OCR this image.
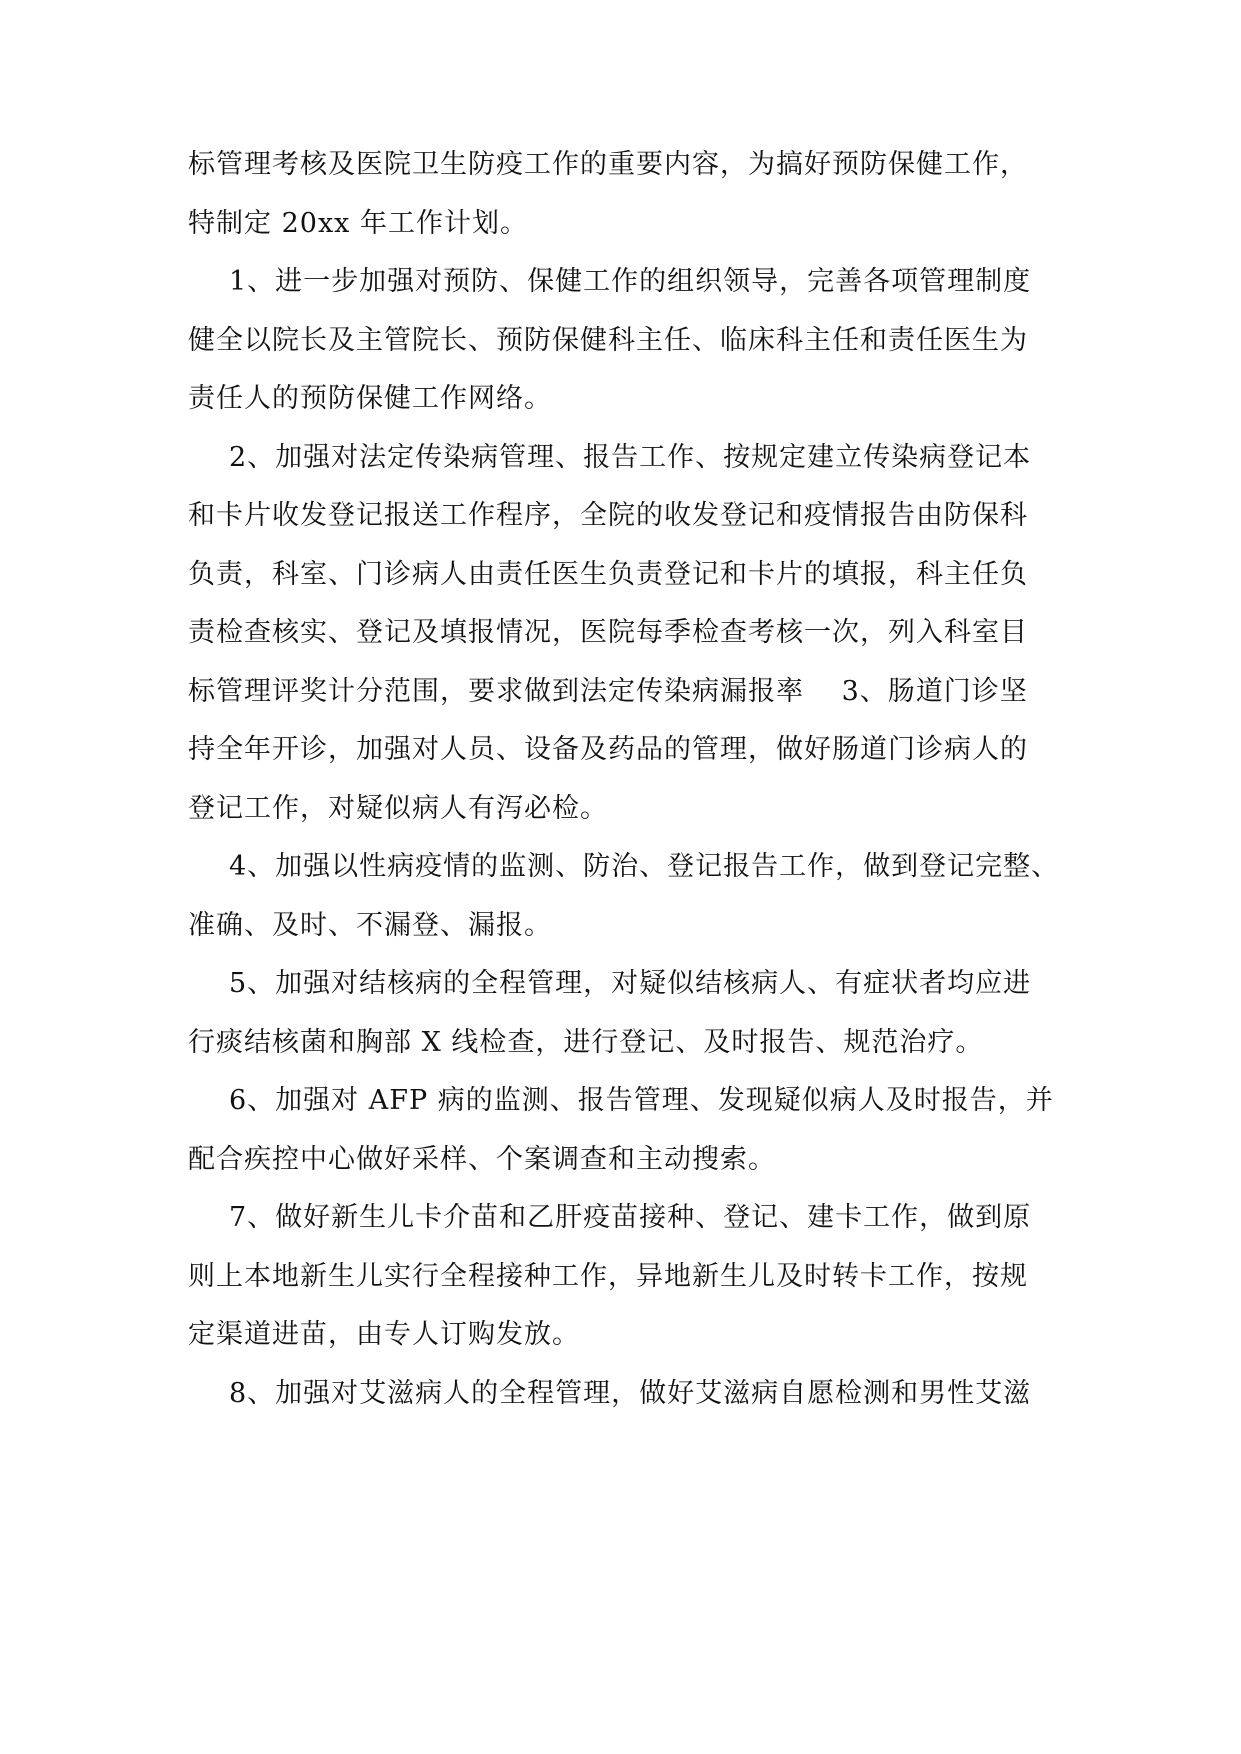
标管理考核及医院卫生防疫工作的重要内容，为搞好预防保健工作，
特制定 20xx 年工作计划。
1、进一步加强对预防、保健工作的组织领导，完善各项管理制度
健全以院长及主管院长、预防保健科主任、临床科主任和责任医生为
责任人的预防保健工作网络。
2、加强对法定传染病管理、报告工作、按规定建立传染病登记本
和卡片收发登记报送工作程序，全院的收发登记和疫情报告由防保科
负责，科室、门诊病人由责任医生负责登记和卡片的填报，科主任负
责检查核实、登记及填报情况，医院每季检查考核一次，列入科室目
标管理评奖计分范围，要求做到法定传染病漏报率　 3、肠道门诊坚
持全年开诊，加强对人员、设备及药品的管理，做好肠道门诊病人的
登记工作，对疑似病人有泻必检。
4、加强以性病疫情的监测、防治、登记报告工作，做到登记完整、
准确、及时、不漏登、漏报。
5、加强对结核病的全程管理，对疑似结核病人、有症状者均应进
行痰结核菌和胸部 X 线检查，进行登记、及时报告、规范治疗。
6、加强对 AFP 病的监测、报告管理、发现疑似病人及时报告，并
配合疾控中心做好采样、个案调查和主动搜索。
7、做好新生儿卡介苗和乙肝疫苗接种、登记、建卡工作，做到原
则上本地新生儿实行全程接种工作，异地新生儿及时转卡工作，按规
定渠道进苗，由专人订购发放。
8、加强对艾滋病人的全程管理，做好艾滋病自愿检测和男性艾滋
